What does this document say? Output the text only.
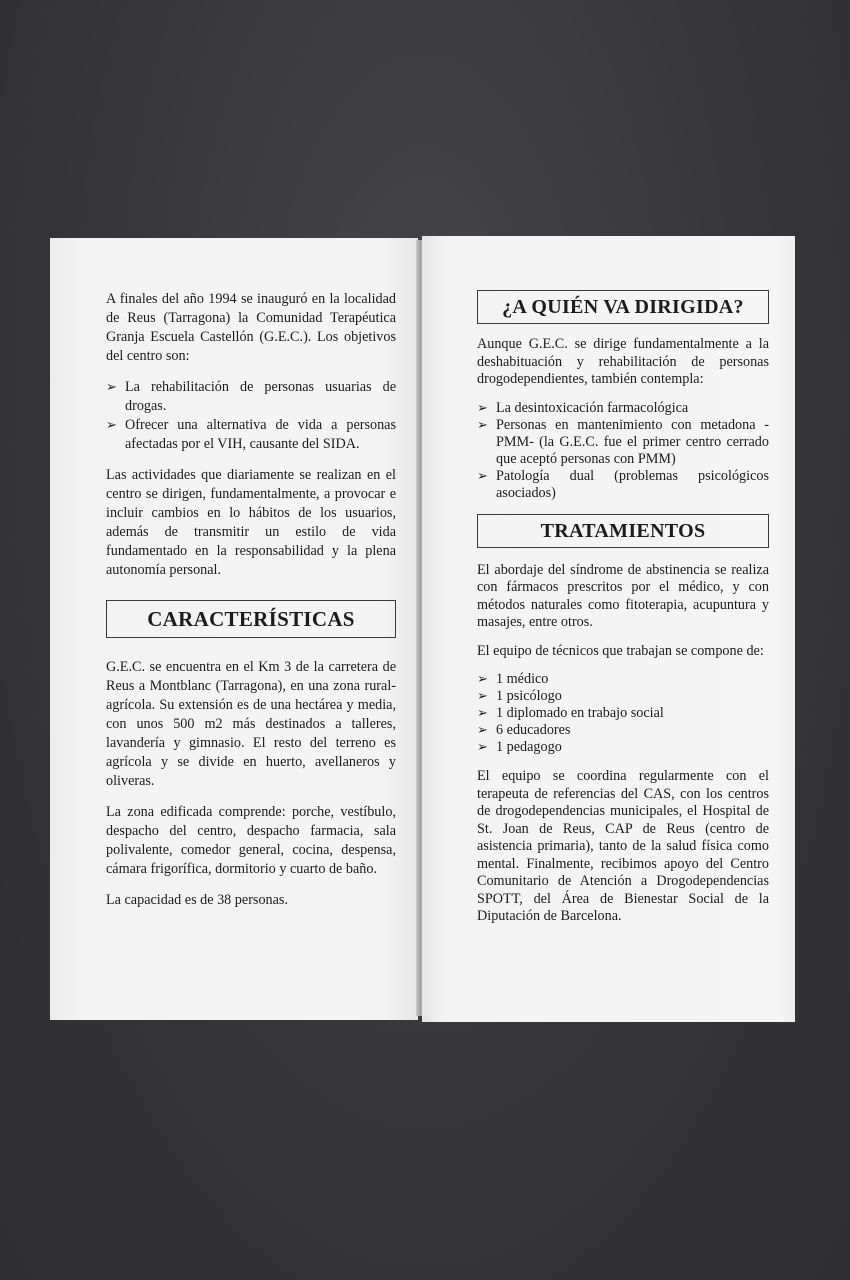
A finales del año 1994 se inauguró en la localidad de Reus (Tarragona) la Comunidad Terapéutica Granja Escuela Castellón (G.E.C.). Los objetivos del centro son:

➢ La rehabilitación de personas usuarias de drogas.
➢ Ofrecer una alternativa de vida a personas afectadas por el VIH, causante del SIDA.

Las actividades que diariamente se realizan en el centro se dirigen, fundamentalmente, a provocar e incluir cambios en lo hábitos de los usuarios, además de transmitir un estilo de vida fundamentado en la responsabilidad y la plena autonomía personal.

CARACTERÍSTICAS

G.E.C. se encuentra en el Km 3 de la carretera de Reus a Montblanc (Tarragona), en una zona rural-agrícola. Su extensión es de una hectárea y media, con unos 500 m2 más destinados a talleres, lavandería y gimnasio. El resto del terreno es agrícola y se divide en huerto, avellaneros y oliveras.

La zona edificada comprende: porche, vestíbulo, despacho del centro, despacho farmacia, sala polivalente, comedor general, cocina, despensa, cámara frigorífica, dormitorio y cuarto de baño.

La capacidad es de 38 personas.

¿A QUIÉN VA DIRIGIDA?

Aunque G.E.C. se dirige fundamentalmente a la deshabituación y rehabilitación de personas drogodependientes, también contempla:

➢ La desintoxicación farmacológica
➢ Personas en mantenimiento con metadona -PMM- (la G.E.C. fue el primer centro cerrado que aceptó personas con PMM)
➢ Patología dual (problemas psicológicos asociados)
TRATAMIENTOS

El abordaje del síndrome de abstinencia se realiza con fármacos prescritos por el médico, y con métodos naturales como fitoterapia, acupuntura y masajes, entre otros.

El equipo de técnicos que trabajan se compone de:

➢ 1 médico
➢ 1 psicólogo
➢ 1 diplomado en trabajo social
➢ 6 educadores
➢ 1 pedagogo

El equipo se coordina regularmente con el terapeuta de referencias del CAS, con los centros de drogodependencias municipales, el Hospital de St. Joan de Reus, CAP de Reus (centro de asistencia primaria), tanto de la salud física como mental. Finalmente, recibimos apoyo del Centro Comunitario de Atención a Drogodependencias SPOTT, del Área de Bienestar Social de la Diputación de Barcelona.
